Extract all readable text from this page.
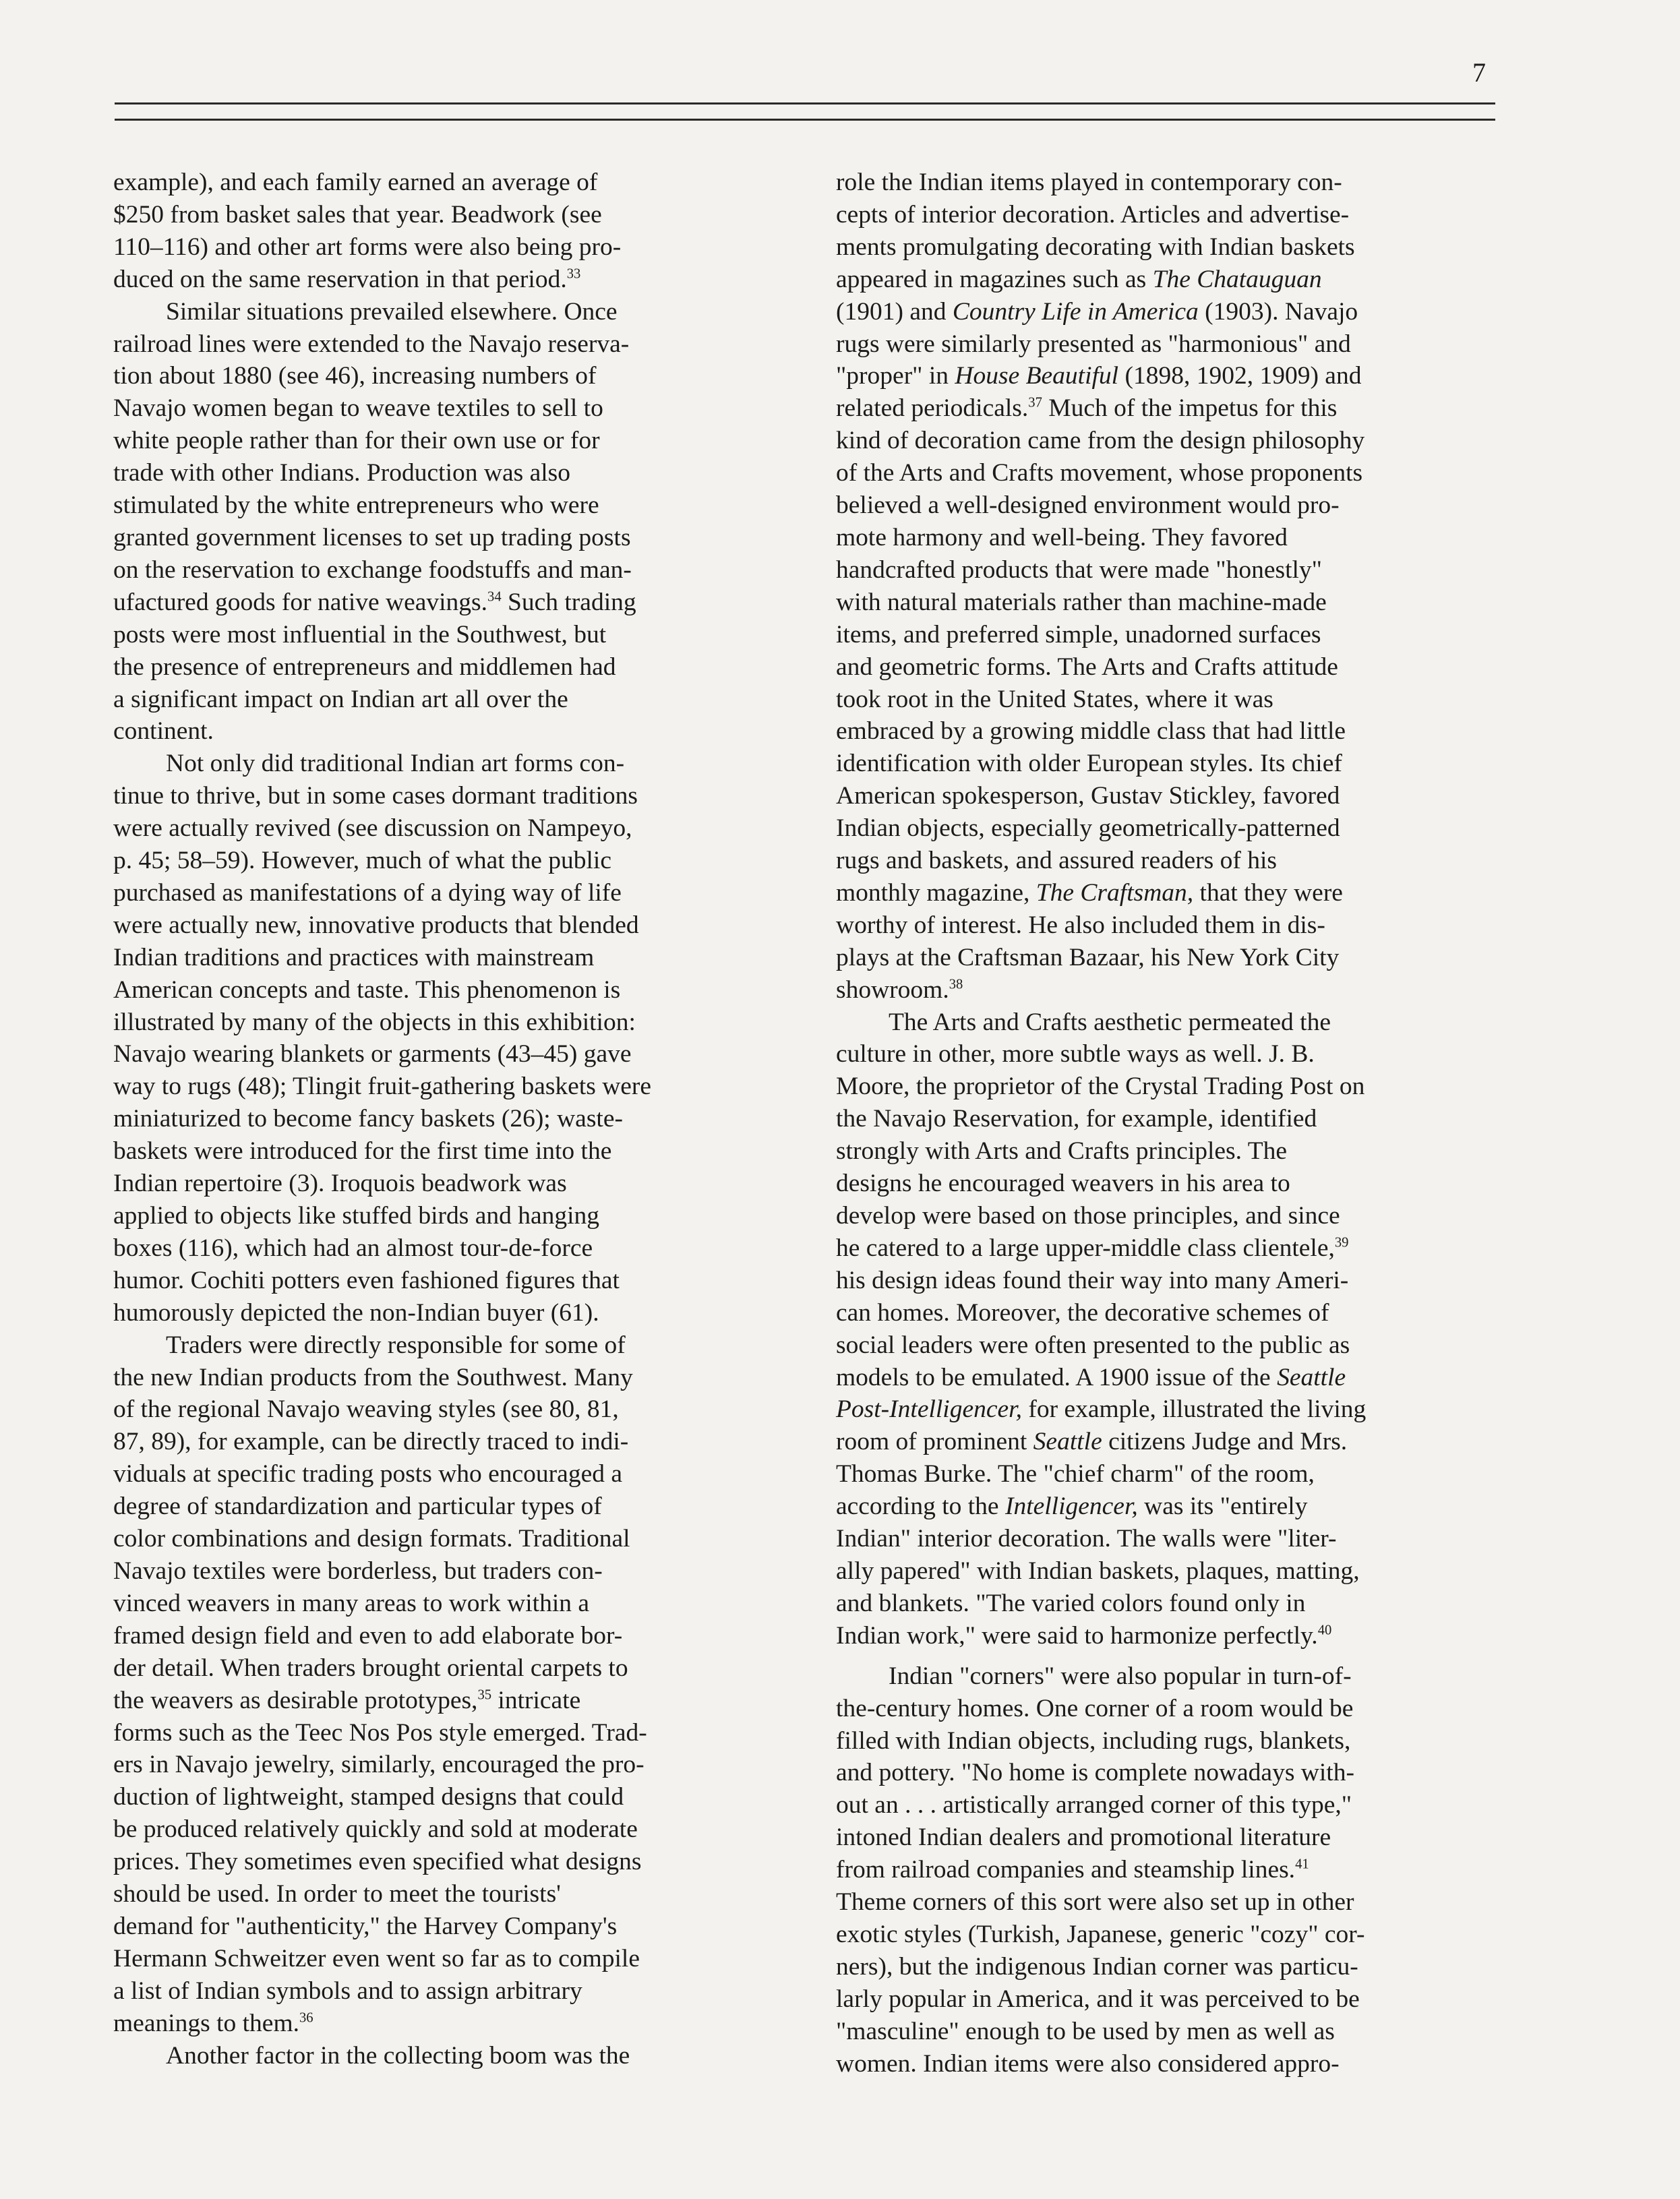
7

example), and each family earned an average of
$250 from basket sales that year. Beadwork (see
110–116) and other art forms were also being pro-
duced on the same reservation in that period.$^{33}$

Similar situations prevailed elsewhere. Once
railroad lines were extended to the Navajo reserva-
tion about 1880 (see 46), increasing numbers of
Navajo women began to weave textiles to sell to
white people rather than for their own use or for
trade with other Indians. Production was also
stimulated by the white entrepreneurs who were
granted government licenses to set up trading posts
on the reservation to exchange foodstuffs and man-
ufactured goods for native weavings.$^{34}$ Such trading
posts were most influential in the Southwest, but
the presence of entrepreneurs and middlemen had
a significant impact on Indian art all over the
continent.

Not only did traditional Indian art forms con-
tinue to thrive, but in some cases dormant traditions
were actually revived (see discussion on Nampeyo,
p. 45; 58–59). However, much of what the public
purchased as manifestations of a dying way of life
were actually new, innovative products that blended
Indian traditions and practices with mainstream
American concepts and taste. This phenomenon is
illustrated by many of the objects in this exhibition:
Navajo wearing blankets or garments (43–45) gave
way to rugs (48); Tlingit fruit-gathering baskets were
miniaturized to become fancy baskets (26); waste-
baskets were introduced for the first time into the
Indian repertoire (3). Iroquois beadwork was
applied to objects like stuffed birds and hanging
boxes (116), which had an almost tour-de-force
humor. Cochiti potters even fashioned figures that
humorously depicted the non-Indian buyer (61).

Traders were directly responsible for some of
the new Indian products from the Southwest. Many
of the regional Navajo weaving styles (see 80, 81,
87, 89), for example, can be directly traced to indi-
viduals at specific trading posts who encouraged a
degree of standardization and particular types of
color combinations and design formats. Traditional
Navajo textiles were borderless, but traders con-
vinced weavers in many areas to work within a
framed design field and even to add elaborate bor-
der detail. When traders brought oriental carpets to
the weavers as desirable prototypes,$^{35}$ intricate
forms such as the Teec Nos Pos style emerged. Trad-
ers in Navajo jewelry, similarly, encouraged the pro-
duction of lightweight, stamped designs that could
be produced relatively quickly and sold at moderate
prices. They sometimes even specified what designs
should be used. In order to meet the tourists'
demand for "authenticity," the Harvey Company's
Hermann Schweitzer even went so far as to compile
a list of Indian symbols and to assign arbitrary
meanings to them.$^{36}$

Another factor in the collecting boom was the

role the Indian items played in contemporary con-
cepts of interior decoration. Articles and advertise-
ments promulgating decorating with Indian baskets
appeared in magazines such as The Chatauguan
(1901) and Country Life in America (1903). Navajo
rugs were similarly presented as "harmonious" and
"proper" in House Beautiful (1898, 1902, 1909) and
related periodicals.$^{37}$ Much of the impetus for this
kind of decoration came from the design philosophy
of the Arts and Crafts movement, whose proponents
believed a well-designed environment would pro-
mote harmony and well-being. They favored
handcrafted products that were made "honestly"
with natural materials rather than machine-made
items, and preferred simple, unadorned surfaces
and geometric forms. The Arts and Crafts attitude
took root in the United States, where it was
embraced by a growing middle class that had little
identification with older European styles. Its chief
American spokesperson, Gustav Stickley, favored
Indian objects, especially geometrically-patterned
rugs and baskets, and assured readers of his
monthly magazine, The Craftsman, that they were
worthy of interest. He also included them in dis-
plays at the Craftsman Bazaar, his New York City
showroom.$^{38}$

The Arts and Crafts aesthetic permeated the
culture in other, more subtle ways as well. J. B.
Moore, the proprietor of the Crystal Trading Post on
the Navajo Reservation, for example, identified
strongly with Arts and Crafts principles. The
designs he encouraged weavers in his area to
develop were based on those principles, and since
he catered to a large upper-middle class clientele,$^{39}$
his design ideas found their way into many Ameri-
can homes. Moreover, the decorative schemes of
social leaders were often presented to the public as
models to be emulated. A 1900 issue of the Seattle
Post-Intelligencer, for example, illustrated the living
room of prominent Seattle citizens Judge and Mrs.
Thomas Burke. The "chief charm" of the room,
according to the Intelligencer, was its "entirely
Indian" interior decoration. The walls were "liter-
ally papered" with Indian baskets, plaques, matting,
and blankets. "The varied colors found only in
Indian work," were said to harmonize perfectly.$^{40}$

Indian "corners" were also popular in turn-of-
the-century homes. One corner of a room would be
filled with Indian objects, including rugs, blankets,
and pottery. "No home is complete nowadays with-
out an . . . artistically arranged corner of this type,"
intoned Indian dealers and promotional literature
from railroad companies and steamship lines.$^{41}$
Theme corners of this sort were also set up in other
exotic styles (Turkish, Japanese, generic "cozy" cor-
ners), but the indigenous Indian corner was particu-
larly popular in America, and it was perceived to be
"masculine" enough to be used by men as well as
women. Indian items were also considered appro-
